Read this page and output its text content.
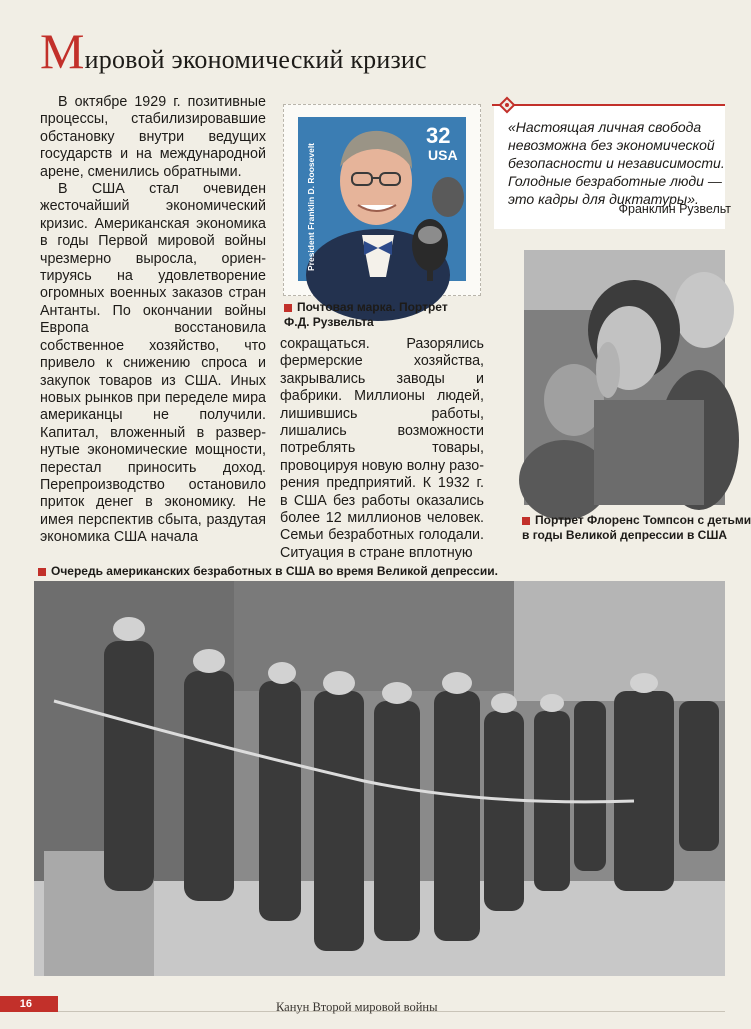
Мировой экономический кризис

В октябре 1929 г. позитивные процессы, стабилизировавшие обстановку внутри ведущих государств и на международной арене, сменились обратными.

В США стал очевиден жесточайший экономический кризис. Американская экономика в годы Первой мировой войны чрезмерно выросла, ориентируясь на удовлетворение огромных военных заказов стран Антанты. По окончании войны Европа восстановила собственное хозяйство, что привело к снижению спроса и закупок товаров из США. Иных новых рынков при переделе мира американцы не получили. Капитал, вложенный в развернутые экономические мощности, перестал приносить доход. Перепроизводство остановило приток денег в экономику. Не имея перспектив сбыта, раздутая экономика США начала

32
USA
President Franklin D. Roosevelt
Почтовая марка. Портрет
Ф.Д. Рузвельта
сокращаться. Разорялись фермерские хозяйства, закрывались заводы и фабрики. Миллионы людей, лишившись работы, лишались возможности потреблять товары, провоцируя новую волну разорения предприятий. К 1932 г. в США без работы оказались более 12 миллионов человек. Семьи безработных голодали. Ситуация в стране вплотную
«Настоящая личная свобода
невозможна без экономической
безопасности и независимости.
Голодные безработные люди —
это кадры для диктатуры».
Франклин Рузвельт
Портрет Флоренс Томпсон с детьми
в годы Великой депрессии в США
Очередь американских безработных в США во время Великой депрессии.
16	Канун Второй мировой войны
